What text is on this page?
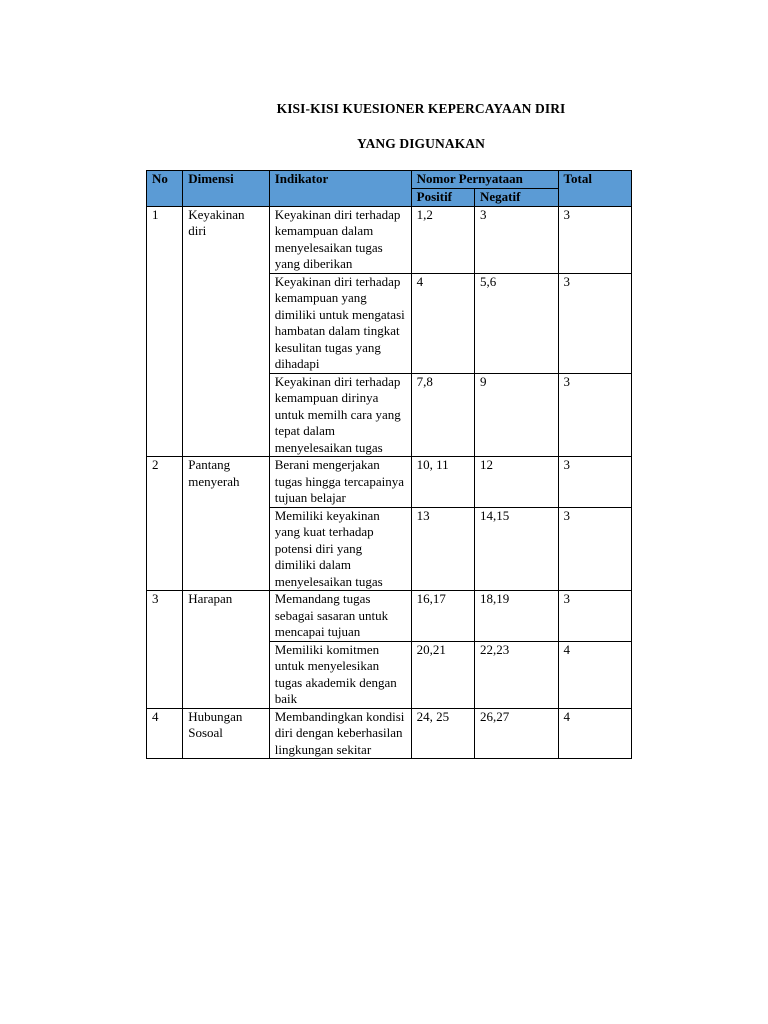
KISI-KISI KUESIONER KEPERCAYAAN DIRI
YANG DIGUNAKAN
No	Dimensi	Indikator	Nomor Pernyataan		Total
			Positif	Negatif	
1	Keyakinan diri	Keyakinan diri terhadap kemampuan dalam menyelesaikan tugas yang diberikan	1,2	3	3
		Keyakinan diri terhadap kemampuan yang dimiliki untuk mengatasi hambatan dalam tingkat kesulitan tugas yang dihadapi	4	5,6	3
		Keyakinan diri terhadap kemampuan dirinya untuk memilh cara yang tepat dalam menyelesaikan tugas	7,8	9	3
2	Pantang menyerah	Berani mengerjakan tugas hingga tercapainya tujuan belajar	10, 11	12	3
		Memiliki keyakinan yang kuat terhadap potensi diri yang dimiliki dalam menyelesaikan tugas	13	14,15	3
3	Harapan	Memandang tugas sebagai sasaran untuk mencapai tujuan	16,17	18,19	3
		Memiliki komitmen untuk menyelesikan tugas akademik dengan baik	20,21	22,23	4
4	Hubungan Sosoal	Membandingkan kondisi diri dengan keberhasilan lingkungan sekitar	24, 25	26,27	4
